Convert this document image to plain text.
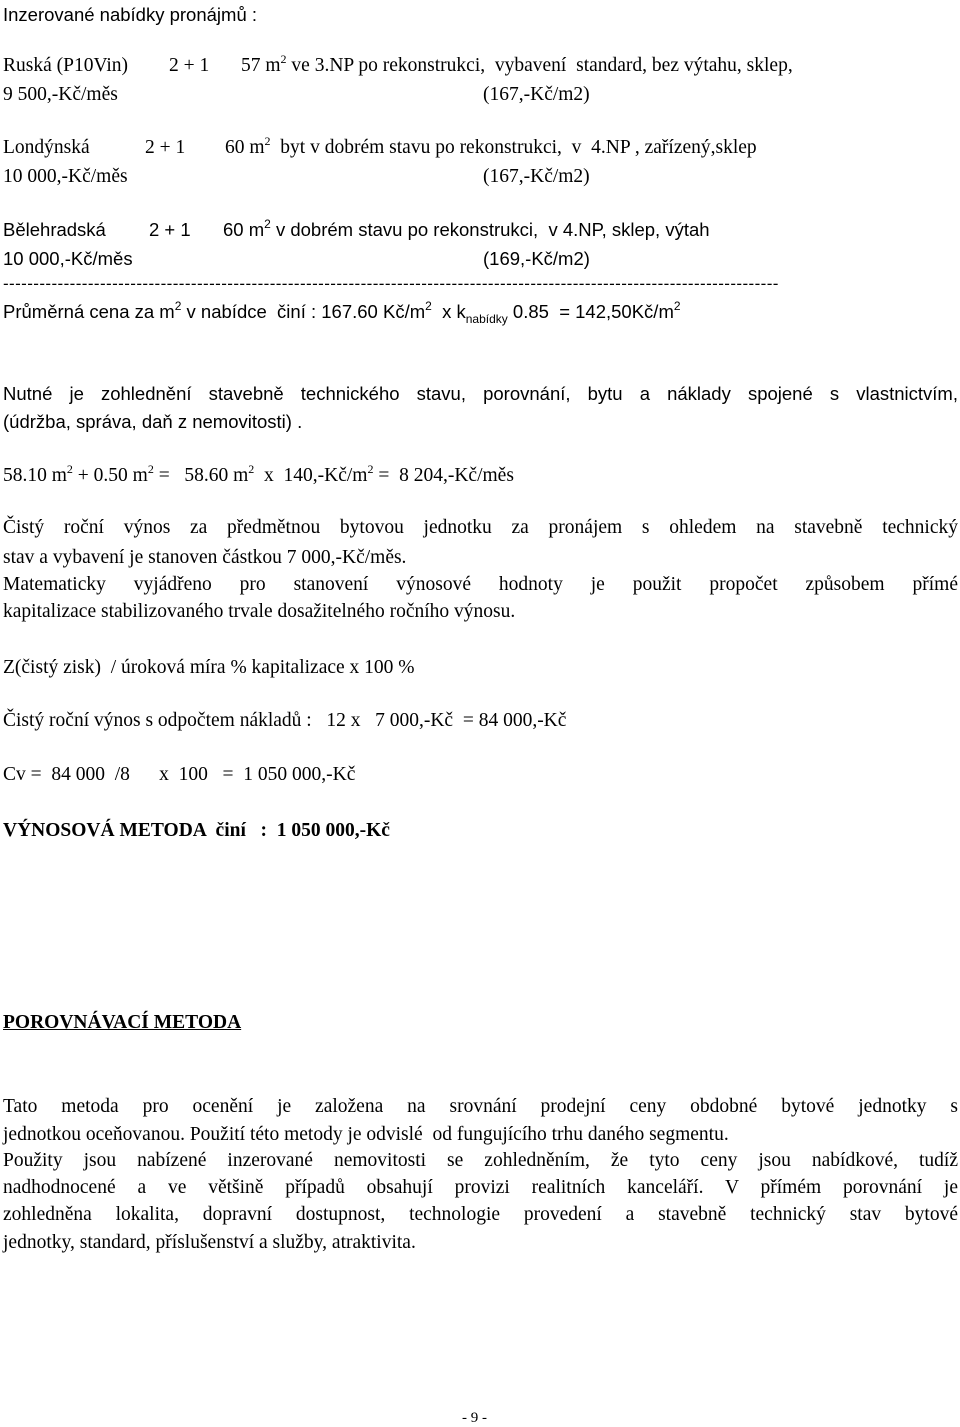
Inzerované nabídky pronájmů :
Ruská (P10Vin) 2 + 1 57 $m^2$ ve 3.NP po rekonstrukci,  vybavení  standard, bez výtahu, sklep,
9 500,-Kč/měs	(167,-Kč/m2)
Londýnská	2 + 1 60 $m^2$  byt v dobrém stavu po rekonstrukci,  v  4.NP , zařízený,sklep
10 000,-Kč/měs	(167,-Kč/m2)
Bělehradská 2 + 1 60 $m^2$ v dobrém stavu po rekonstrukci,  v 4.NP, sklep, výtah
10 000,-Kč/měs	(169,-Kč/m2)
--------------------------------------------------------------------------------------------------------------------------------
Průměrná cena za $m^2$ v nabídce  činí : 167.60 $Kč/m^2$  x $k_{nabídky}$ $0.85 = 142,50Kč/m^2$
Nutné je zohlednění stavebně technického stavu, porovnání, bytu a náklady spojené s vlastnictvím,
(údržba, správa, daň z nemovitosti) .
58.10 $m^2 + 0.50$ $m^2 = 58.60$ $m^2$  x  $140,-Kč/m^2 = 8$ 204,-Kč/měs
Čistý roční výnos za předmětnou bytovou jednotku za pronájem s ohledem na stavebně technický
stav a vybavení je stanoven částkou 7 000,-Kč/měs.
Matematicky vyjádřeno pro stanovení výnosové hodnoty je použit propočet způsobem přímé
kapitalizace stabilizovaného trvale dosažitelného ročního výnosu.
Z(čistý zisk)  / úroková míra % kapitalizace x 100 %
Čistý roční výnos s odpočtem nákladů :   12 x   7 000,-Kč  = 84 000,-Kč
Cv =  84 000  /8      x  100   =  1 050 000,-Kč
VÝNOSOVÁ METODA  činí   :  1 050 000,-Kč
POROVNÁVACÍ METODA
Tato metoda pro ocenění je založena na srovnání prodejní ceny obdobné bytové jednotky s
jednotkou oceňovanou. Použití této metody je odvislé  od fungujícího trhu daného segmentu.
Použity jsou nabízené inzerované nemovitosti se zohledněním, že tyto ceny jsou nabídkové, tudíž
nadhodnocené a ve většině případů obsahují provizi realitních kanceláří. V přímém porovnání je
zohledněna lokalita, dopravní dostupnost, technologie provedení a stavebně technický stav bytové
jednotky, standard, příslušenství a služby, atraktivita.
- 9 -
